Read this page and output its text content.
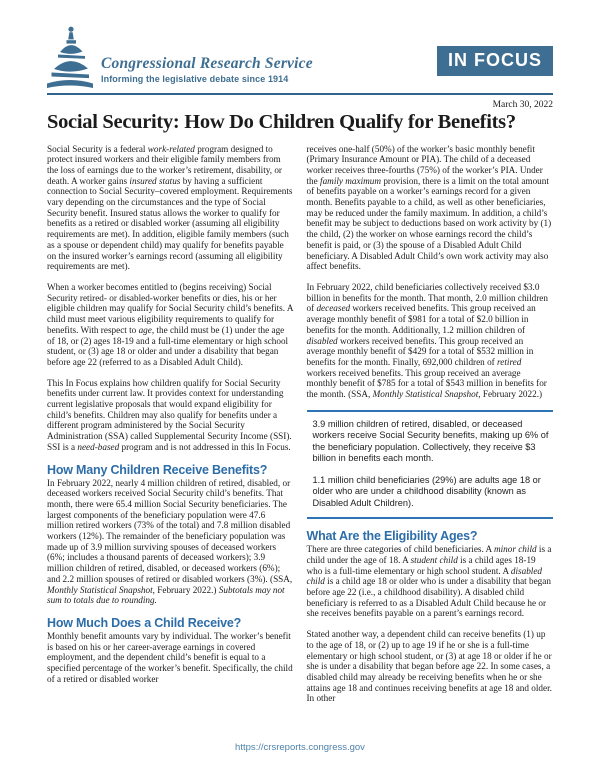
Congressional Research Service
Informing the legislative debate since 1914
IN FOCUS
March 30, 2022
Social Security: How Do Children Qualify for Benefits?

Social Security is a federal work-related program designed to protect insured workers and their eligible family members from the loss of earnings due to the worker’s retirement, disability, or death. A worker gains insured status by having a sufficient connection to Social Security–covered employment. Requirements vary depending on the circumstances and the type of Social Security benefit. Insured status allows the worker to qualify for benefits as a retired or disabled worker (assuming all eligibility requirements are met). In addition, eligible family members (such as a spouse or dependent child) may qualify for benefits payable on the insured worker’s earnings record (assuming all eligibility requirements are met).

When a worker becomes entitled to (begins receiving) Social Security retired- or disabled-worker benefits or dies, his or her eligible children may qualify for Social Security child’s benefits. A child must meet various eligibility requirements to qualify for benefits. With respect to age, the child must be (1) under the age of 18, or (2) ages 18-19 and a full-time elementary or high school student, or (3) age 18 or older and under a disability that began before age 22 (referred to as a Disabled Adult Child).

This In Focus explains how children qualify for Social Security benefits under current law. It provides context for understanding current legislative proposals that would expand eligibility for child’s benefits. Children may also qualify for benefits under a different program administered by the Social Security Administration (SSA) called Supplemental Security Income (SSI). SSI is a need-based program and is not addressed in this In Focus.

How Many Children Receive Benefits?

In February 2022, nearly 4 million children of retired, disabled, or deceased workers received Social Security child’s benefits. That month, there were 65.4 million Social Security beneficiaries. The largest components of the beneficiary population were 47.6 million retired workers (73% of the total) and 7.8 million disabled workers (12%). The remainder of the beneficiary population was made up of 3.9 million surviving spouses of deceased workers (6%; includes a thousand parents of deceased workers); 3.9 million children of retired, disabled, or deceased workers (6%); and 2.2 million spouses of retired or disabled workers (3%). (SSA, Monthly Statistical Snapshot, February 2022.) Subtotals may not sum to totals due to rounding.

How Much Does a Child Receive?

Monthly benefit amounts vary by individual. The worker’s benefit is based on his or her career-average earnings in covered employment, and the dependent child’s benefit is equal to a specified percentage of the worker’s benefit. Specifically, the child of a retired or disabled worker

receives one-half (50%) of the worker’s basic monthly benefit (Primary Insurance Amount or PIA). The child of a deceased worker receives three-fourths (75%) of the worker’s PIA. Under the family maximum provision, there is a limit on the total amount of benefits payable on a worker’s earnings record for a given month. Benefits payable to a child, as well as other beneficiaries, may be reduced under the family maximum. In addition, a child’s benefit may be subject to deductions based on work activity by (1) the child, (2) the worker on whose earnings record the child’s benefit is paid, or (3) the spouse of a Disabled Adult Child beneficiary. A Disabled Adult Child’s own work activity may also affect benefits.

In February 2022, child beneficiaries collectively received $3.0 billion in benefits for the month. That month, 2.0 million children of deceased workers received benefits. This group received an average monthly benefit of $981 for a total of $2.0 billion in benefits for the month. Additionally, 1.2 million children of disabled workers received benefits. This group received an average monthly benefit of $429 for a total of $532 million in benefits for the month. Finally, 692,000 children of retired workers received benefits. This group received an average monthly benefit of $785 for a total of $543 million in benefits for the month. (SSA, Monthly Statistical Snapshot, February 2022.)

3.9 million children of retired, disabled, or deceased workers receive Social Security benefits, making up 6% of the beneficiary population. Collectively, they receive $3 billion in benefits each month.

1.1 million child beneficiaries (29%) are adults age 18 or older who are under a childhood disability (known as Disabled Adult Children).

What Are the Eligibility Ages?

There are three categories of child beneficiaries. A minor child is a child under the age of 18. A student child is a child ages 18-19 who is a full-time elementary or high school student. A disabled child is a child age 18 or older who is under a disability that began before age 22 (i.e., a childhood disability). A disabled child beneficiary is referred to as a Disabled Adult Child because he or she receives benefits payable on a parent’s earnings record.

Stated another way, a dependent child can receive benefits (1) up to the age of 18, or (2) up to age 19 if he or she is a full-time elementary or high school student, or (3) at age 18 or older if he or she is under a disability that began before age 22. In some cases, a disabled child may already be receiving benefits when he or she attains age 18 and continues receiving benefits at age 18 and older. In other

https://crsreports.congress.gov
